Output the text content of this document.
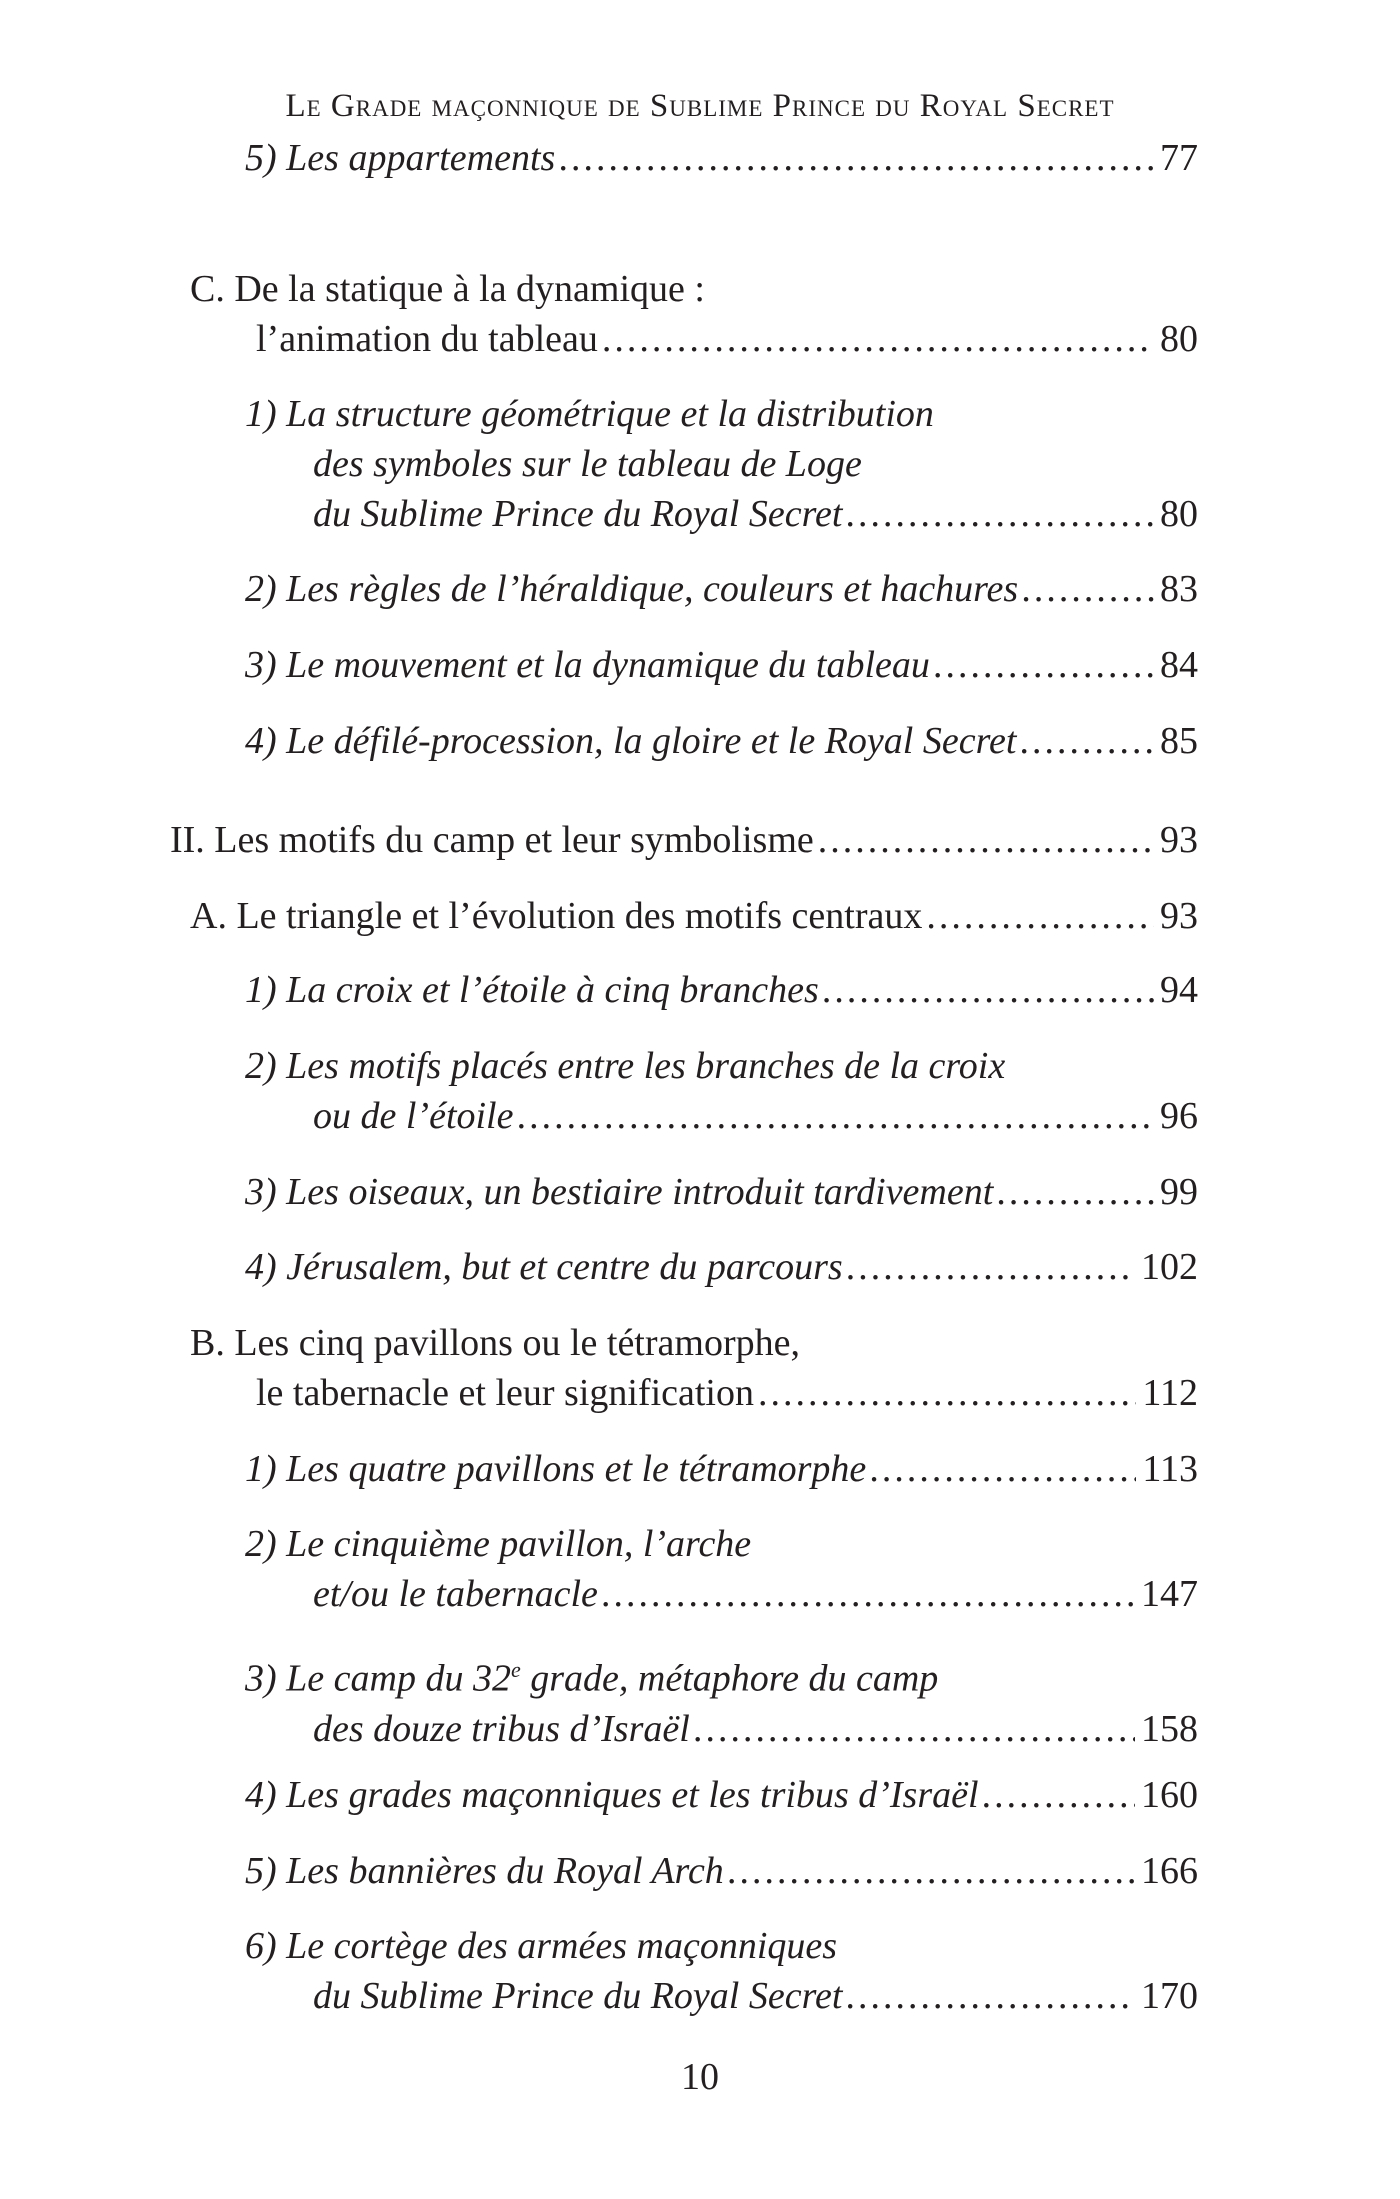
Le Grade maçonnique de Sublime Prince du Royal Secret
5) Les appartements .....	77
C. De la statique à la dynamique :
l’animation du tableau .....	80
1) La structure géométrique et la distribution
des symboles sur le tableau de Loge
du Sublime Prince du Royal Secret .....	80
2) Les règles de l’héraldique, couleurs et hachures .....	83
3) Le mouvement et la dynamique du tableau .....	84
4) Le défilé-procession, la gloire et le Royal Secret .....	85
II. Les motifs du camp et leur symbolisme .....	93
A. Le triangle et l’évolution des motifs centraux .....	93
1) La croix et l’étoile à cinq branches .....	94
2) Les motifs placés entre les branches de la croix
ou de l’étoile .....	96
3) Les oiseaux, un bestiaire introduit tardivement .....	99
4) Jérusalem, but et centre du parcours .....	102
B. Les cinq pavillons ou le tétramorphe,
le tabernacle et leur signification .....	112
1) Les quatre pavillons et le tétramorphe .....	113
2) Le cinquième pavillon, l’arche
et/ou le tabernacle .....	147
3) Le camp du 32e grade, métaphore du camp
des douze tribus d’Israël .....	158
4) Les grades maçonniques et les tribus d’Israël .....	160
5) Les bannières du Royal Arch .....	166
6) Le cortège des armées maçonniques
du Sublime Prince du Royal Secret .....	170
10
